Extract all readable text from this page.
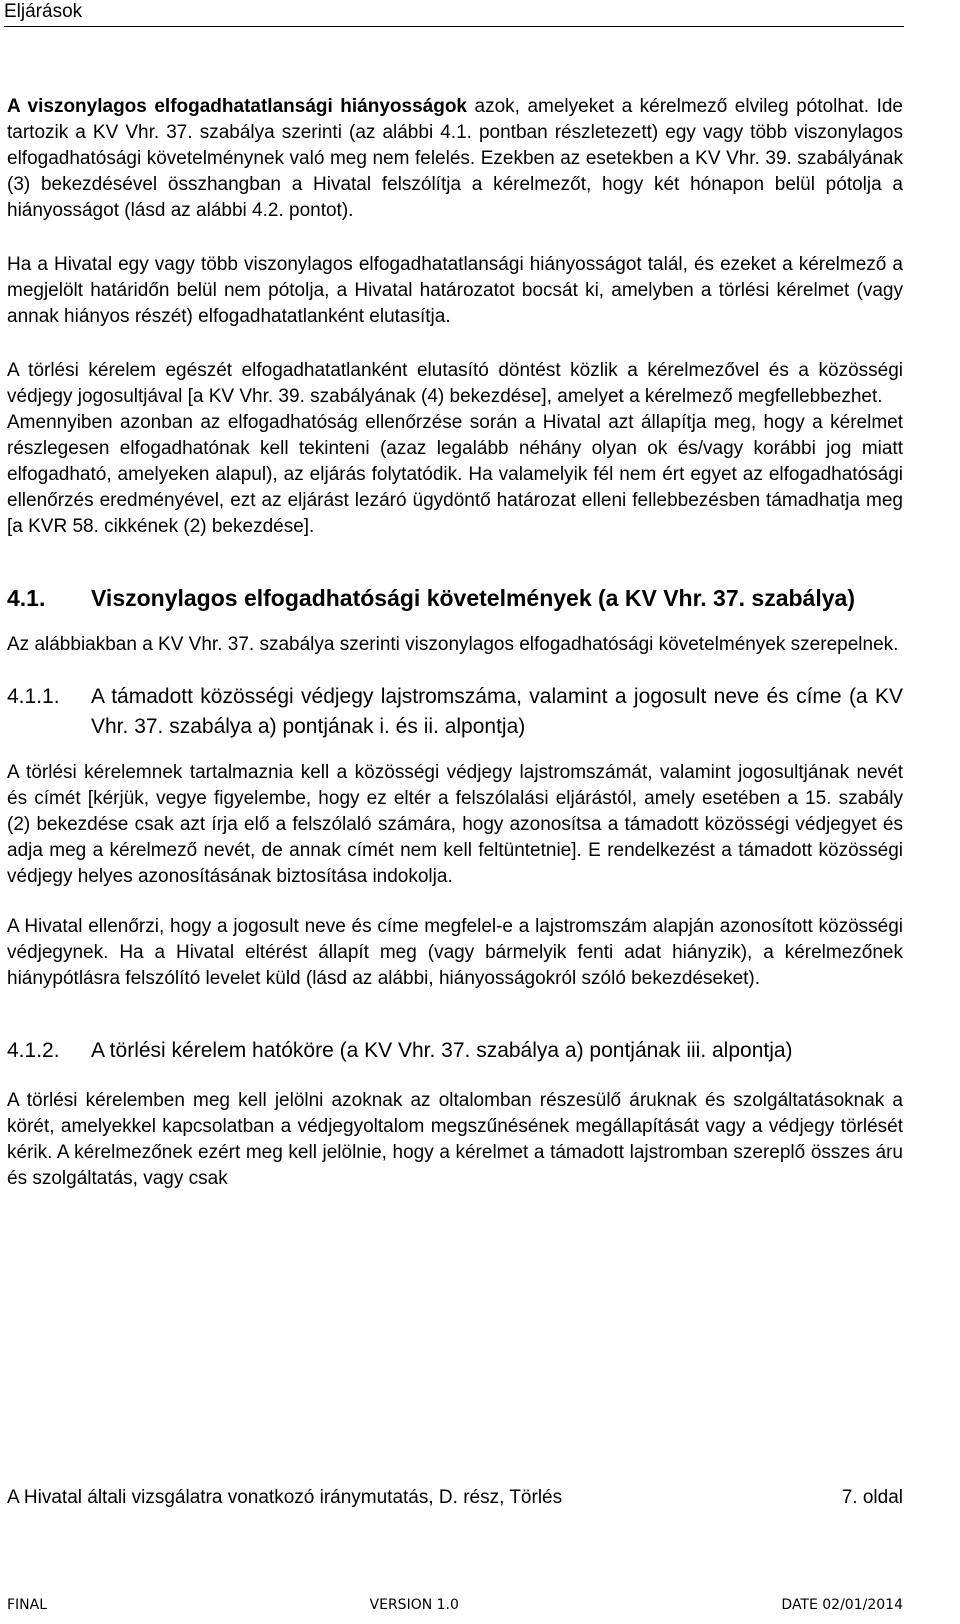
Eljárások

A viszonylagos elfogadhatatlansági hiányosságok azok, amelyeket a kérelmező elvileg pótolhat. Ide tartozik a KV Vhr. 37. szabálya szerinti (az alábbi 4.1. pontban részletezett) egy vagy több viszonylagos elfogadhatósági követelménynek való meg nem felelés. Ezekben az esetekben a KV Vhr. 39. szabályának (3) bekezdésével összhangban a Hivatal felszólítja a kérelmezőt, hogy két hónapon belül pótolja a hiányosságot (lásd az alábbi 4.2. pontot).

Ha a Hivatal egy vagy több viszonylagos elfogadhatatlansági hiányosságot talál, és ezeket a kérelmező a megjelölt határidőn belül nem pótolja, a Hivatal határozatot bocsát ki, amelyben a törlési kérelmet (vagy annak hiányos részét) elfogadhatatlanként elutasítja.

A törlési kérelem egészét elfogadhatatlanként elutasító döntést közlik a kérelmezővel és a közösségi védjegy jogosultjával [a KV Vhr. 39. szabályának (4) bekezdése], amelyet a kérelmező megfellebbezhet.

Amennyiben azonban az elfogadhatóság ellenőrzése során a Hivatal azt állapítja meg, hogy a kérelmet részlegesen elfogadhatónak kell tekinteni (azaz legalább néhány olyan ok és/vagy korábbi jog miatt elfogadható, amelyeken alapul), az eljárás folytatódik. Ha valamelyik fél nem ért egyet az elfogadhatósági ellenőrzés eredményével, ezt az eljárást lezáró ügydöntő határozat elleni fellebbezésben támadhatja meg [a KVR 58. cikkének (2) bekezdése].

4.1.	Viszonylagos elfogadhatósági követelmények (a KV Vhr. 37. szabálya)

Az alábbiakban a KV Vhr. 37. szabálya szerinti viszonylagos elfogadhatósági követelmények szerepelnek.

4.1.1.	A támadott közösségi védjegy lajstromszáma, valamint a jogosult neve és címe (a KV Vhr. 37. szabálya a) pontjának i. és ii. alpontja)

A törlési kérelemnek tartalmaznia kell a közösségi védjegy lajstromszámát, valamint jogosultjának nevét és címét [kérjük, vegye figyelembe, hogy ez eltér a felszólalási eljárástól, amely esetében a 15. szabály (2) bekezdése csak azt írja elő a felszólaló számára, hogy azonosítsa a támadott közösségi védjegyet és adja meg a kérelmező nevét, de annak címét nem kell feltüntetnie]. E rendelkezést a támadott közösségi védjegy helyes azonosításának biztosítása indokolja.

A Hivatal ellenőrzi, hogy a jogosult neve és címe megfelel-e a lajstromszám alapján azonosított közösségi védjegynek. Ha a Hivatal eltérést állapít meg (vagy bármelyik fenti adat hiányzik), a kérelmezőnek hiánypótlásra felszólító levelet küld (lásd az alábbi, hiányosságokról szóló bekezdéseket).

4.1.2.	A törlési kérelem hatóköre (a KV Vhr. 37. szabálya a) pontjának iii. alpontja)

A törlési kérelemben meg kell jelölni azoknak az oltalomban részesülő áruknak és szolgáltatásoknak a körét, amelyekkel kapcsolatban a védjegyoltalom megszűnésének megállapítását vagy a védjegy törlését kérik. A kérelmezőnek ezért meg kell jelölnie, hogy a kérelmet a támadott lajstromban szereplő összes áru és szolgáltatás, vagy csak

A Hivatal általi vizsgálatra vonatkozó iránymutatás, D. rész, Törlés	7. oldal
FINAL	VERSION 1.0	DATE 02/01/2014
